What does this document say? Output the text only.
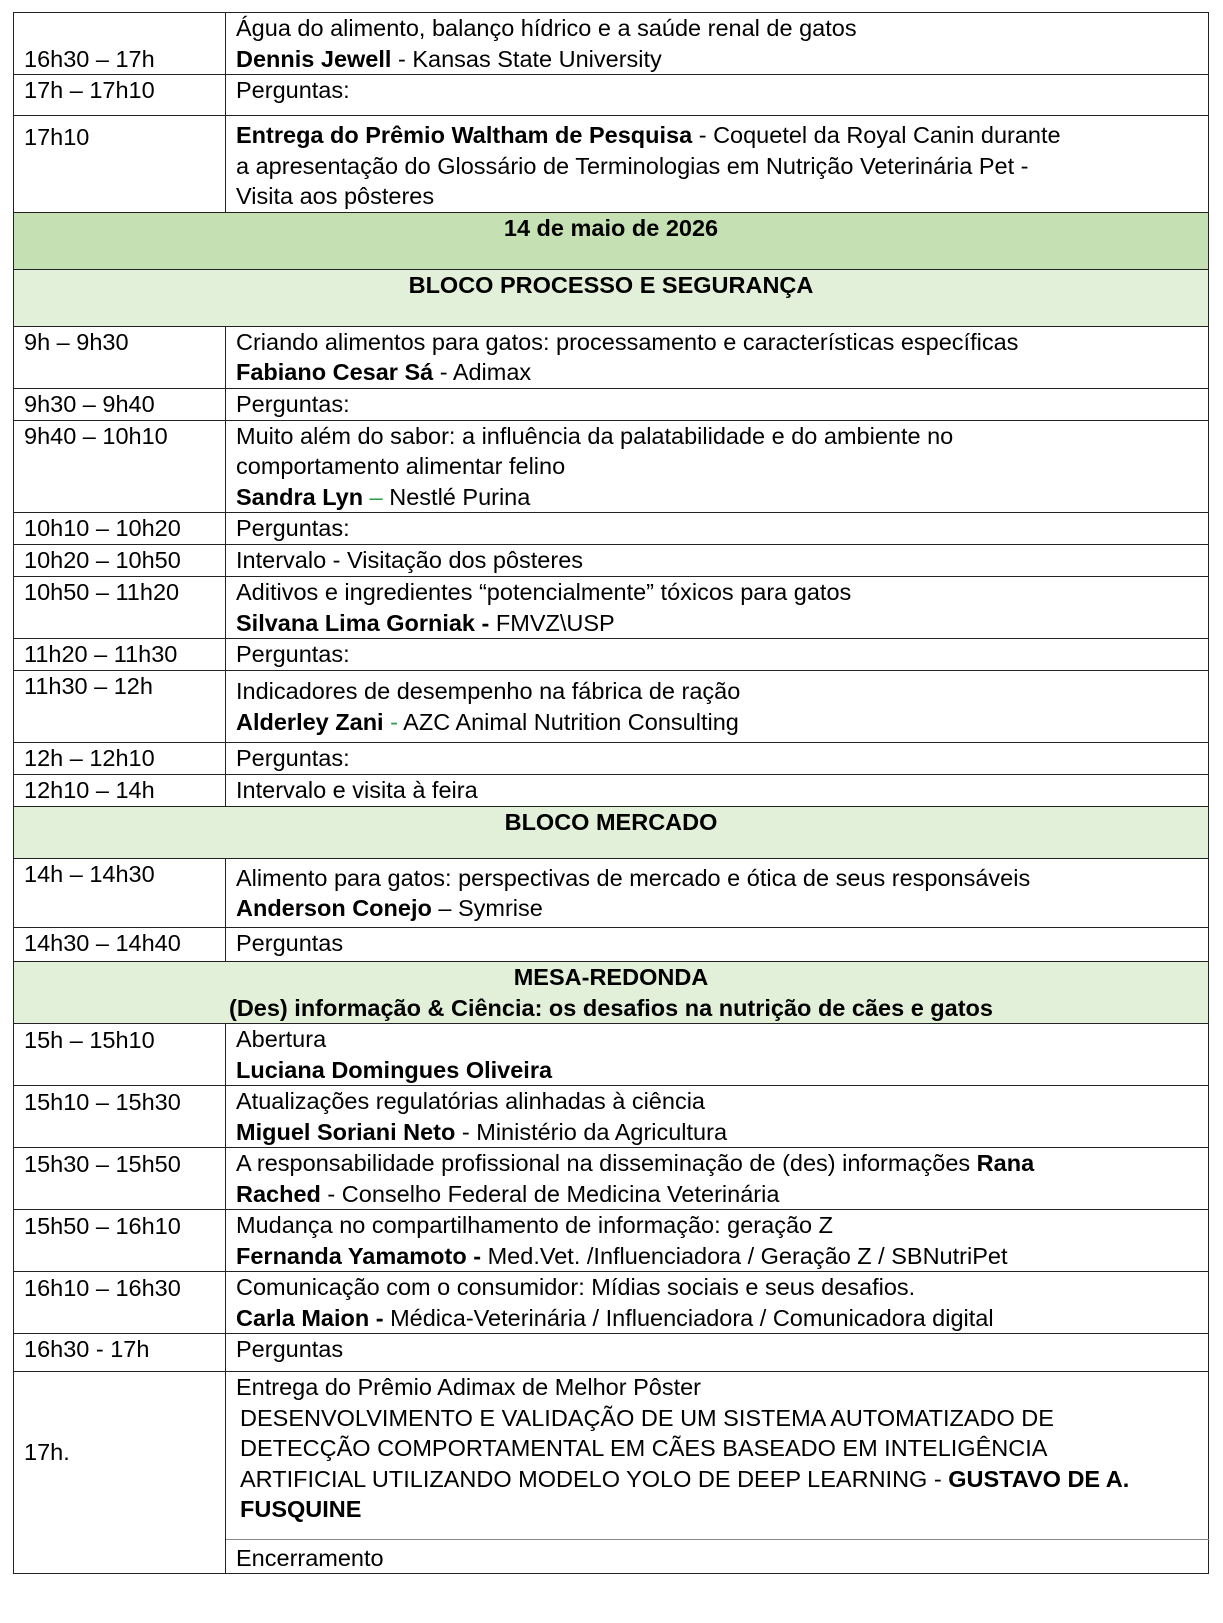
16h30 – 17h	Água do alimento, balanço hídrico e a saúde renal de gatos
Dennis Jewell - Kansas State University

17h – 17h10	Perguntas:
17h10	Entrega do Prêmio Waltham de Pesquisa - Coquetel da Royal Canin durante
a apresentação do Glossário de Terminologias em Nutrição Veterinária Pet -
Visita aos pôsteres

14 de maio de 2026	
BLOCO PROCESSO E SEGURANÇA	
9h – 9h30	Criando alimentos para gatos: processamento e características específicas
Fabiano Cesar Sá - Adimax

9h30 – 9h40	Perguntas:
9h40 – 10h10	Muito além do sabor: a influência da palatabilidade e do ambiente no
comportamento alimentar felino
Sandra Lyn – Nestlé Purina

10h10 – 10h20	Perguntas:
10h20 – 10h50	Intervalo - Visitação dos pôsteres
10h50 – 11h20	Aditivos e ingredientes “potencialmente” tóxicos para gatos
Silvana Lima Gorniak - FMVZ\USP

11h20 – 11h30	Perguntas:
11h30 – 12h	Indicadores de desempenho na fábrica de ração
Alderley Zani - AZC Animal Nutrition Consulting

12h – 12h10	Perguntas:
12h10 – 14h	Intervalo e visita à feira
BLOCO MERCADO	
14h – 14h30	Alimento para gatos: perspectivas de mercado e ótica de seus responsáveis
Anderson Conejo – Symrise

14h30 – 14h40	Perguntas

MESA-REDONDA
(Des) informação & Ciência: os desafios na nutrição de cães e gatos	

15h – 15h10	Abertura
Luciana Domingues Oliveira

15h10 – 15h30	Atualizações regulatórias alinhadas à ciência
Miguel Soriani Neto - Ministério da Agricultura

15h30 – 15h50	A responsabilidade profissional na disseminação de (des) informações Rana
Rached - Conselho Federal de Medicina Veterinária

15h50 – 16h10	Mudança no compartilhamento de informação: geração Z
Fernanda Yamamoto - Med.Vet. /Influenciadora / Geração Z / SBNutriPet

16h10 – 16h30	Comunicação com o consumidor: Mídias sociais e seus desafios.
Carla Maion - Médica-Veterinária / Influenciadora / Comunicadora digital

16h30 - 17h	Perguntas
17h.	Entrega do Prêmio Adimax de Melhor Pôster
DESENVOLVIMENTO E VALIDAÇÃO DE UM SISTEMA AUTOMATIZADO DE
DETECÇÃO COMPORTAMENTAL EM CÃES BASEADO EM INTELIGÊNCIA
ARTIFICIAL UTILIZANDO MODELO YOLO DE DEEP LEARNING - GUSTAVO DE A.
FUSQUINE

	Encerramento
